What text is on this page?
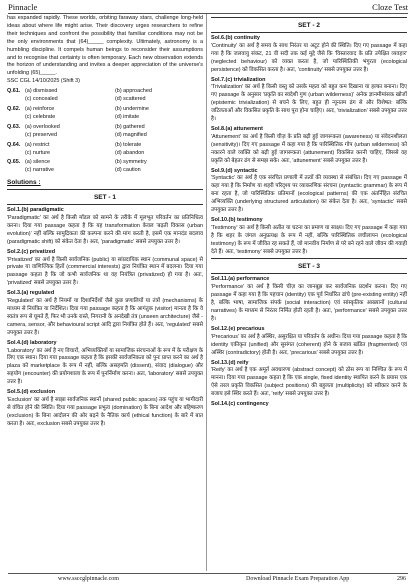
Pinnacle	Cloze Test

has expanded rapidly. These worlds, orbiting faraway stars, challenge long-held ideas about where life might arise. Their discovery urges researchers to refine their techniques and confront the possibility that familiar conditions may not be the only environments that (64)_____ complexity. Ultimately, astronomy is a humbling discipline. It compels human beings to reconsider their assumptions and to recognise that certainty is often temporary. Each new observation extends the horizon of understanding and invites a deeper appreciation of the universe's unfolding (65)_____.

SSC CGL 14/10/2025 (Shift 3)

Q.61. (a) dismissed	(b) approached
(c) concealed	(d) scattered
Q.62. (a) reinforce	(b) undermine
(c) celebrate	(d) imitate
Q.63. (a) overlooked	(b) gathered
(c) preserved	(d) magnified
Q.64. (a) restrict	(b) tolerate
(c) nurture	(d) abandon
Q.65. (a) silence	(b) symmetry
(c) narrative	(d) caution

Solutions :

SET - 1

Sol.1.(b) paradigmatic

'Paradigmatic' का अर्थ है किसी मॉडल को सामने के तरीके में मूलभूत परिवर्तन का प्रतिनिधित्व करना। दिया गया passage कहता है कि यह transformation केवल 'बढ़ती विकास (urban evolution)' नहीं बल्कि सामुद्रिकता की कल्पना करने की मांग करती है, इसमें एक मानदंड बदलाव (paradigmatic shift) को संकेत देता है। अतः, 'paradigmatic' सबसे उपयुक्त उत्तर है।

Sol.2.(c) privatized

'Privatized' का अर्थ है किसी सार्वजनिक (public) या सांप्रदायिक स्थान (communal space) से private या वाणिज्यिक हितों (commercial interests) द्वारा नियंत्रित स्थान में बदलना। दिया गया passage कहता है कि जो कभी सार्वजनिक था वह नियंत्रित (privatized) हो गया है। अतः, 'privatized' सबसे उपयुक्त उत्तर है।

Sol.3.(a) regulated

'Regulated' का अर्थ है नियमों या दिशानिर्देशों जैसे कुछ प्रणालियों या तंत्रों (mechanisms) के माध्यम से नियंत्रित या निर्देशित। दिया गया passage कहता है कि आगंतुक (visitor) मानता है कि वे स्वतंत्र रूप से घूमते हैं, फिर भी उनके रास्ते, निगरानी के अनदेखी तंत्र (unseen architecture) जैसे - camera, sensor, और behavioural script आदि द्वारा नियंत्रित होते हैं। अतः, 'regulated' सबसे उपयुक्त उत्तर है।

Sol.4.(d) laboratory

'Laboratory' का अर्थ है नए विचारों, अभिव्यक्तियों या सामाजिक संरचनाओं के रूप में के परीक्षण के लिए एक स्थान। दिया गया passage कहता है कि इसकी सार्वजनिकता को पुनः प्राप्त करने का अर्थ है plaza को marketplace के रूप में नहीं, बल्कि असहमति (dissent), संवाद (dialogue) और सहयोग (encounter) की प्रयोगशाला के रूप में पुनर्निर्माण करना। अतः, 'laboratory' सबसे उपयुक्त उत्तर है।

Sol.5.(d) exclusion

'Exclusion' का अर्थ है साझा सार्वजनिक स्थानों (shared public spaces) तक पहुंच या भागीदारी से वंचित होने की स्थिति। दिया गया passage प्रभुत्व (domination) के बिना आदेश और बहिष्करण (exclusion) के बिना आदोलन की ओर बढ़ने के नैतिक कार्य (ethical function) के बारे में बात करता है। अतः, exclusion सबसे उपयुक्त उत्तर है।

SET - 2

Sol.6.(b) continuity

'Continuity' का अर्थ है समय के साथ निरंतर या अटूट होने की स्थिति। दिए गए passage में कहा गया है कि जलवायु संकट, 21 वी सदी तक कई मुद्दे जैसे कि 'विस्तारवाद के प्रति उपेक्षित व्यवहार' (neglected behaviour) को व्यक्त करता है, जो पारिस्थितिकी भंगुरता (ecological persistence) को विकसित करता है। अतः, 'continuity' सबसे उपयुक्त उत्तर है।

Sol.7.(c) trivialization

'Trivialization' का अर्थ है किसी वस्तु को उसके महत्व को बहुत कम दिखाना या हल्का बनाना। दिए गए passage के अनुसार 'प्रकृति का स्वदेशी गुण (urban wilderness)' अनेक ज्ञानमीमांसक खोजों (epistemic trivialization) से बचने के लिए, बहुत ही न्यूनतम ढंग से और विशेषत: बल्कि जटिलताओं और विकसित प्रकृति के साथ पूरा होना चाहिए। अतः, 'trivialization' सबसे उपयुक्त उत्तर है।

Sol.8.(a) attunement

'Attunement' का अर्थ है किसी चीज़ के प्रति बढ़ी हुई जागरूकता (awareness) या संवेदनशीलता (sensitivity)। दिए गए passage में कहा गया है कि पारिस्थितिक गोप (urban wilderness) को नकारने वाले व्यक्ति को बढ़ी हुई जागरूकता (attunement) विकसित करनी चाहिए, जिससे वह प्रकृति को बेहतर ढंग से समझ सके। अतः, 'attunement' सबसे उपयुक्त उत्तर है।

Sol.9.(d) syntactic

'Syntactic' का अर्थ है एक संरचित प्रणाली में तत्वों की व्यवस्था से संबंधित। दिए गए passage में कहा गया है कि निर्माण या शहरी परिदृश्य पर व्याकरणिक संरचना (syntactic grammar) के रूप में बना रहता है, जो पारिस्थितिक प्रतिमानों (ecological patterns) की एक अंतर्निहित संरचित अभिव्यक्ति (underlying structured articulation) का संकेत देता है। अतः, 'syntactic' सबसे उपयुक्त उत्तर है।

Sol.10.(b) testimony

'Testimony' का अर्थ है किसी अतीत या घटना का प्रमाण या साक्ष्य। दिए गए passage में कहा गया है कि शहर के जंगल अनुप्रत्यक्ष के रूप में नहीं, बल्कि पारिस्थितिक लचीलापन (ecological testimony) के रूप में जीवित रह सकते हैं, जो मानवीय निर्माण से परे बने रहने वाले जीवन की गवाही देते हैं। अतः, 'testimony' सबसे उपयुक्त उत्तर है।

SET - 3

Sol.11.(a) performance

'Performance' का अर्थ है किसी चीज़ का जानबूझ कर सार्वजनिक प्रदर्शन करना। दिए गए passage में कहा गया है कि पहचान (identity) एक पूर्व निर्धारित ढांचे (pre-existing entity) नहीं है, बल्कि भाषा, सामाजिक संपर्क (social interaction) एवं सांस्कृतिक आख्यानों (cultural narratives) के माध्यम से निरंतर निर्मित होती रहती है। अतः, 'performance' सबसे उपयुक्त उत्तर है।

Sol.12.(e) precarious

'Precarious' का अर्थ है अस्थिर, असुरक्षित या परिवर्तन के अधीन। दिया गया passage कहता है कि identity एकीकृत (unified) और सुसंगत (coherent) होने के बजाय खंडित (fragmented) एवं अस्थिर (contradictory) होती है। अतः, 'precarious' सबसे उपयुक्त उत्तर है।

Sol.13.(d) reify

'Reify' का अर्थ है एक अमूर्त अवधारणा (abstract concept) को ठोस रूप या निश्चित के रूप में मानना। दिया गया passage कहता है कि एक single, fixed identity स्थापित करने के प्रयास एक ऐसे तरल प्रकृति विकसित (subject positions) की बहुलता (multiplicity) को स्वीकार करने के बजाय इसे स्थिर करते हैं। अतः, 'reify' सबसे उपयुक्त उत्तर है।

Sol.14.(c) contingency

www.ssccglpinnacle.com	Download Pinnacle Exam Preparation App	296
